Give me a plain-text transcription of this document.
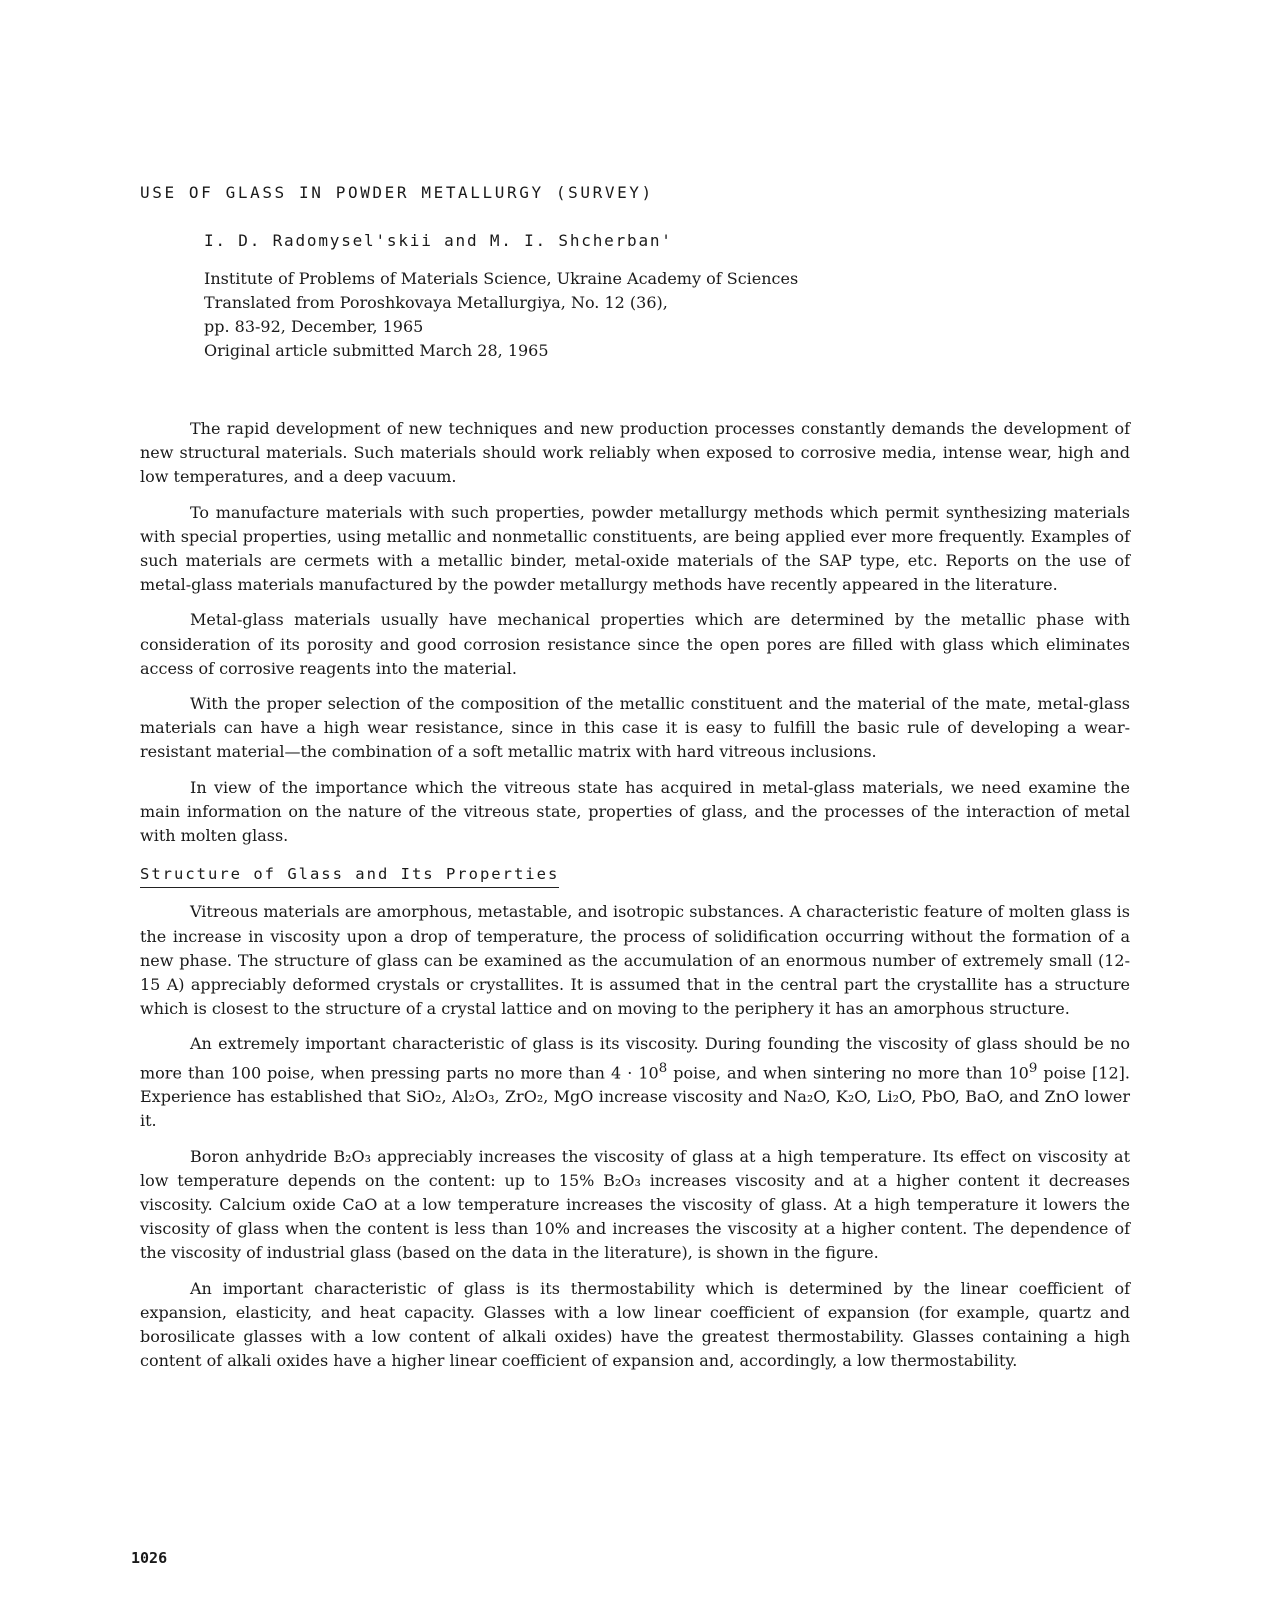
USE OF GLASS IN POWDER METALLURGY (SURVEY)
I. D. Radomysel'skii and M. I. Shcherban'
Institute of Problems of Materials Science, Ukraine Academy of Sciences
Translated from Poroshkovaya Metallurgiya, No. 12 (36),
pp. 83-92, December, 1965
Original article submitted March 28, 1965

The rapid development of new techniques and new production processes constantly demands the development of new structural materials. Such materials should work reliably when exposed to corrosive media, intense wear, high and low temperatures, and a deep vacuum.

To manufacture materials with such properties, powder metallurgy methods which permit synthesizing materials with special properties, using metallic and nonmetallic constituents, are being applied ever more frequently. Examples of such materials are cermets with a metallic binder, metal-oxide materials of the SAP type, etc. Reports on the use of metal-glass materials manufactured by the powder metallurgy methods have recently appeared in the literature.

Metal-glass materials usually have mechanical properties which are determined by the metallic phase with consideration of its porosity and good corrosion resistance since the open pores are filled with glass which eliminates access of corrosive reagents into the material.

With the proper selection of the composition of the metallic constituent and the material of the mate, metal-glass materials can have a high wear resistance, since in this case it is easy to fulfill the basic rule of developing a wear-resistant material—the combination of a soft metallic matrix with hard vitreous inclusions.

In view of the importance which the vitreous state has acquired in metal-glass materials, we need examine the main information on the nature of the vitreous state, properties of glass, and the processes of the interaction of metal with molten glass.

Structure of Glass and Its Properties

Vitreous materials are amorphous, metastable, and isotropic substances. A characteristic feature of molten glass is the increase in viscosity upon a drop of temperature, the process of solidification occurring without the formation of a new phase. The structure of glass can be examined as the accumulation of an enormous number of extremely small (12-15 A) appreciably deformed crystals or crystallites. It is assumed that in the central part the crystallite has a structure which is closest to the structure of a crystal lattice and on moving to the periphery it has an amorphous structure.

An extremely important characteristic of glass is its viscosity. During founding the viscosity of glass should be no more than 100 poise, when pressing parts no more than $4 \cdot 10^8$ poise, and when sintering no more than $10^9$ poise [12]. Experience has established that SiO₂, Al₂O₃, ZrO₂, MgO increase viscosity and Na₂O, K₂O, Li₂O, PbO, BaO, and ZnO lower it.

Boron anhydride B₂O₃ appreciably increases the viscosity of glass at a high temperature. Its effect on viscosity at low temperature depends on the content: up to 15% B₂O₃ increases viscosity and at a higher content it decreases viscosity. Calcium oxide CaO at a low temperature increases the viscosity of glass. At a high temperature it lowers the viscosity of glass when the content is less than 10% and increases the viscosity at a higher content. The dependence of the viscosity of industrial glass (based on the data in the literature), is shown in the figure.

An important characteristic of glass is its thermostability which is determined by the linear coefficient of expansion, elasticity, and heat capacity. Glasses with a low linear coefficient of expansion (for example, quartz and borosilicate glasses with a low content of alkali oxides) have the greatest thermostability. Glasses containing a high content of alkali oxides have a higher linear coefficient of expansion and, accordingly, a low thermostability.

1026
